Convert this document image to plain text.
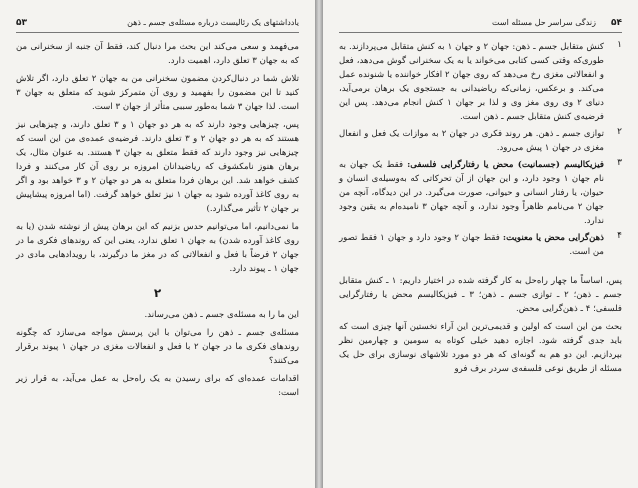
۵۳	یادداشتهای یک رئالیست درباره مسئله‌ی جسم ـ ذهن

می‌فهمد و سعی می‌کند این بحث مرا دنبال کند، فقط آن جنبه از سخنرانی من که به جهان ۳ تعلق دارد، اهمیت دارد.

تلاش شما در دنبال‌کردن مضمون سخنرانی من به جهان ۲ تعلق دارد، اگر تلاش کنید تا این مضمون را بفهمید و روی آن متمرکز شوید که متعلق به جهان ۳ است. لذا جهان ۳ شما به‌طور سببی متأثر از جهان ۳ است.

پس، چیزهایی وجود دارند که به هر دو جهان ۱ و ۳ تعلق دارند، و چیزهایی نیز هستند که به هر دو جهان ۲ و ۳ تعلق دارند. فرضیه‌ی عمده‌ی من این است که چیزهایی نیز وجود دارند که فقط متعلق به جهان ۳ هستند. به عنوان مثال، یک برهان هنوز نامکشوف که ریاضیدانان امروزه بر روی آن کار می‌کنند و فردا کشف خواهد شد. این برهان فردا متعلق به هر دو جهان ۲ و ۳ خواهد بود و اگر به روی کاغذ آورده شود به جهان ۱ نیز تعلق خواهد گرفت. (اما امروزه پیشاپیش بر جهان ۲ تأثیر می‌گذارد.)

ما نمی‌دانیم، اما می‌توانیم حدس بزنیم که این برهان پیش از نوشته شدن (یا به روی کاغذ آورده شدن) به جهان ۱ تعلق ندارد، یعنی این که روندهای فکری ما در جهان ۲ فرضاً با فعل و انفعالاتی که در مغز ما درگیرند، با رویدادهایی مادی در جهان ۱ ـ پیوند دارد.

۲

این ما را به مسئله‌ی جسم ـ ذهن می‌رساند.

مسئله‌ی جسم ـ ذهن را می‌توان با این پرسش مواجه می‌سازد که چگونه روندهای فکری ما در جهان ۲ با فعل و انفعالات مغزی در جهان ۱ پیوند برقرار می‌کنند؟

اقدامات عمده‌ای که برای رسیدن به یک راه‌حل به عمل می‌آید، به قرار زیر است:

۵۴
زندگی سراسر حل مسئله است
۱
کنش متقابل جسم ـ ذهن: جهان ۲ و جهان ۱ به کنش متقابل می‌پردازند. به طوری‌که وقتی کسی کتابی می‌خواند یا به یک سخنرانی گوش می‌دهد، فعل و انفعالاتی مغزی رخ می‌دهد که روی جهان ۲ افکار خواننده یا شنونده عمل می‌کند. و برعکس، زمانی‌که ریاضیدانی به جستجوی یک برهان برمی‌آید، دنیای ۲ وی روی مغز وی و لذا بر جهان ۱ کنش انجام می‌دهد. پس این فرضیه‌ی کنش متقابل جسم ـ ذهن است.
۲
توازی جسم ـ ذهن. هر روند فکری در جهان ۲ به موازات یک فعل و انفعال مغزی در جهان ۱ پیش می‌رود.
۳
فیزیکالیسم (جسمانیت) محض یا رفتارگرایی فلسفی: فقط یک جهان به نام جهان ۱ وجود دارد، و این جهان از آن تحرکاتی که به‌وسیله‌ی انسان و حیوان، یا رفتار انسانی و حیوانی، صورت می‌گیرد. در این دیدگاه، آنچه من جهان ۲ می‌نامم ظاهراً وجود ندارد، و آنچه جهان ۳ نامیده‌ام به یقین وجود ندارد.
۴
ذهن‌گرایی محض یا معنویت: فقط جهان ۲ وجود دارد و جهان ۱ فقط تصور من است.

پس، اساساً ما چهار راه‌حل به کار گرفته شده در اختیار داریم: ۱ ـ کنش متقابل جسم ـ ذهن؛ ۲ ـ توازی جسم ـ ذهن؛ ۳ ـ فیزیکالیسم محض یا رفتارگرایی فلسفی؛ ۴ ـ ذهن‌گرایی محض.

بحث من این است که اولین و قدیمی‌ترین این آراء نخستین آنها چیزی است که باید جدی گرفته شود. اجازه دهید خیلی کوتاه به سومین و چهارمین نظر بپردازیم. این دو هم به گونه‌ای که هر دو مورد تلاشهای نوسازی برای حل یک مسئله از طریق نوعی فلسفه‌ی سردر برف فرو
